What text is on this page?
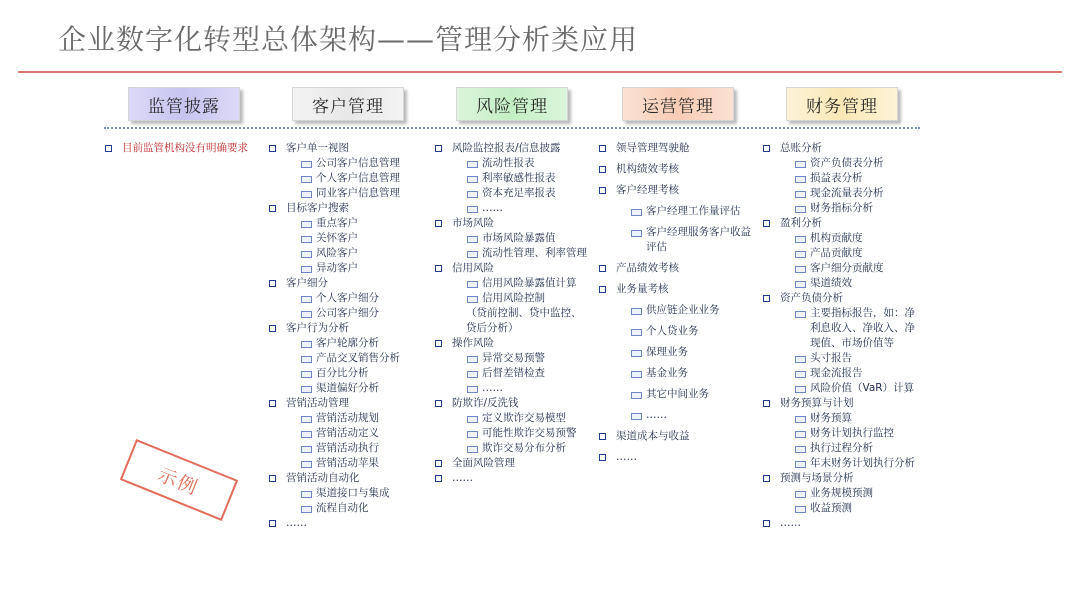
企业数字化转型总体架构——管理分析类应用
监管披露	客户管理	风险管理	运营管理	财务管理
目前监管机构没有明确要求	客户单一视图
公司客户信息管理
个人客户信息管理
同业客户信息管理
目标客户搜索
重点客户
关怀客户
风险客户
异动客户
客户细分
个人客户细分
公司客户细分
客户行为分析
客户轮廓分析
产品交叉销售分析
百分比分析
渠道偏好分析
营销活动管理
营销活动规划
营销活动定义
营销活动执行
营销活动苹果
营销活动自动化
渠道接口与集成
流程自动化
……
风险监控报表/信息披露
流动性报表
利率敏感性报表
资本充足率报表
……
市场风险
市场风险暴露值
流动性管理、利率管理
信用风险
信用风险暴露值计算
信用风险控制
（贷前控制、贷中监控、贷后分析）
操作风险
异常交易预警
后督差错检查
……
防欺诈/反洗钱
定义欺诈交易模型
可能性欺诈交易预警
欺诈交易分布分析
全面风险管理
……
领导管理驾驶舱
机构绩效考核
客户经理考核
客户经理工作量评估
客户经理服务客户收益评估
产品绩效考核
业务量考核
供应链企业业务
个人贷业务
保理业务
基金业务
其它中间业务
……
渠道成本与收益
……
总账分析
资产负债表分析
损益表分析
现金流量表分析
财务指标分析
盈利分析
机构贡献度
产品贡献度
客户细分贡献度
渠道绩效
资产负债分析
主要指标报告，如：净利息收入、净收入、净现值、市场价值等
头寸报告
现金流报告
风险价值（VaR）计算
财务预算与计划
财务预算
财务计划执行监控
执行过程分析
年末财务计划执行分析
预测与场景分析
业务规模预测
收益预测
……
示例
